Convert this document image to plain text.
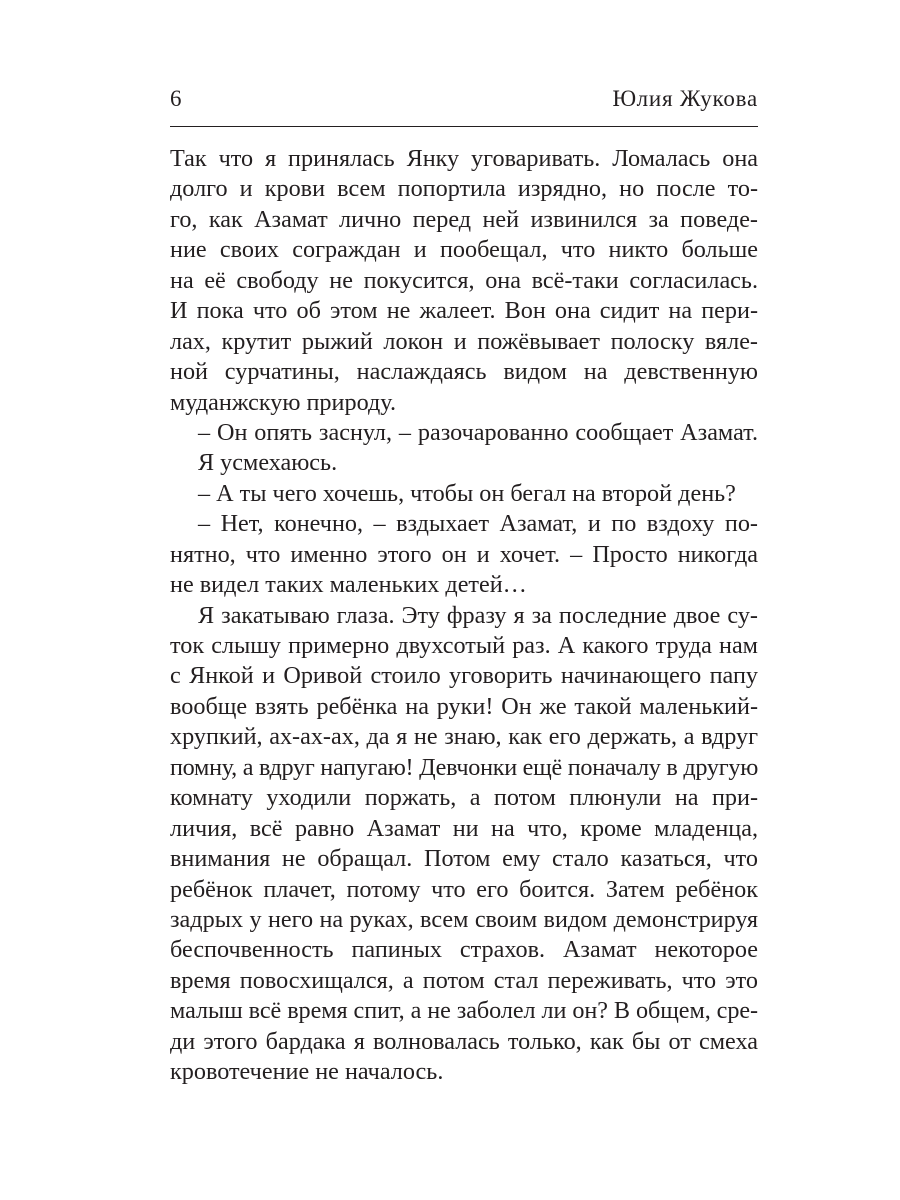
6	Юлия Жукова
Так что я принялась Янку уговаривать. Ломалась она
долго и крови всем попортила изрядно, но после то-
го, как Азамат лично перед ней извинился за поведе-
ние своих сограждан и пообещал, что никто больше
на её свободу не покусится, она всё-таки согласилась.
И пока что об этом не жалеет. Вон она сидит на пери-
лах, крутит рыжий локон и пожёвывает полоску вяле-
ной сурчатины, наслаждаясь видом на девственную
муданжскую природу.
– Он опять заснул, – разочарованно сообщает Азамат.
Я усмехаюсь.
– А ты чего хочешь, чтобы он бегал на второй день?
– Нет, конечно, – вздыхает Азамат, и по вздоху по-
нятно, что именно этого он и хочет. – Просто никогда
не видел таких маленьких детей…
Я закатываю глаза. Эту фразу я за последние двое су-
ток слышу примерно двухсотый раз. А какого труда нам
с Янкой и Оривой стоило уговорить начинающего папу
вообще взять ребёнка на руки! Он же такой маленький-
хрупкий, ах-ах-ах, да я не знаю, как его держать, а вдруг
помну, а вдруг напугаю! Девчонки ещё поначалу в другую
комнату уходили поржать, а потом плюнули на при-
личия, всё равно Азамат ни на что, кроме младенца,
внимания не обращал. Потом ему стало казаться, что
ребёнок плачет, потому что его боится. Затем ребёнок
задрых у него на руках, всем своим видом демонстрируя
беспочвенность папиных страхов. Азамат некоторое
время повосхищался, а потом стал переживать, что это
малыш всё время спит, а не заболел ли он? В общем, сре-
ди этого бардака я волновалась только, как бы от смеха
кровотечение не началось.
